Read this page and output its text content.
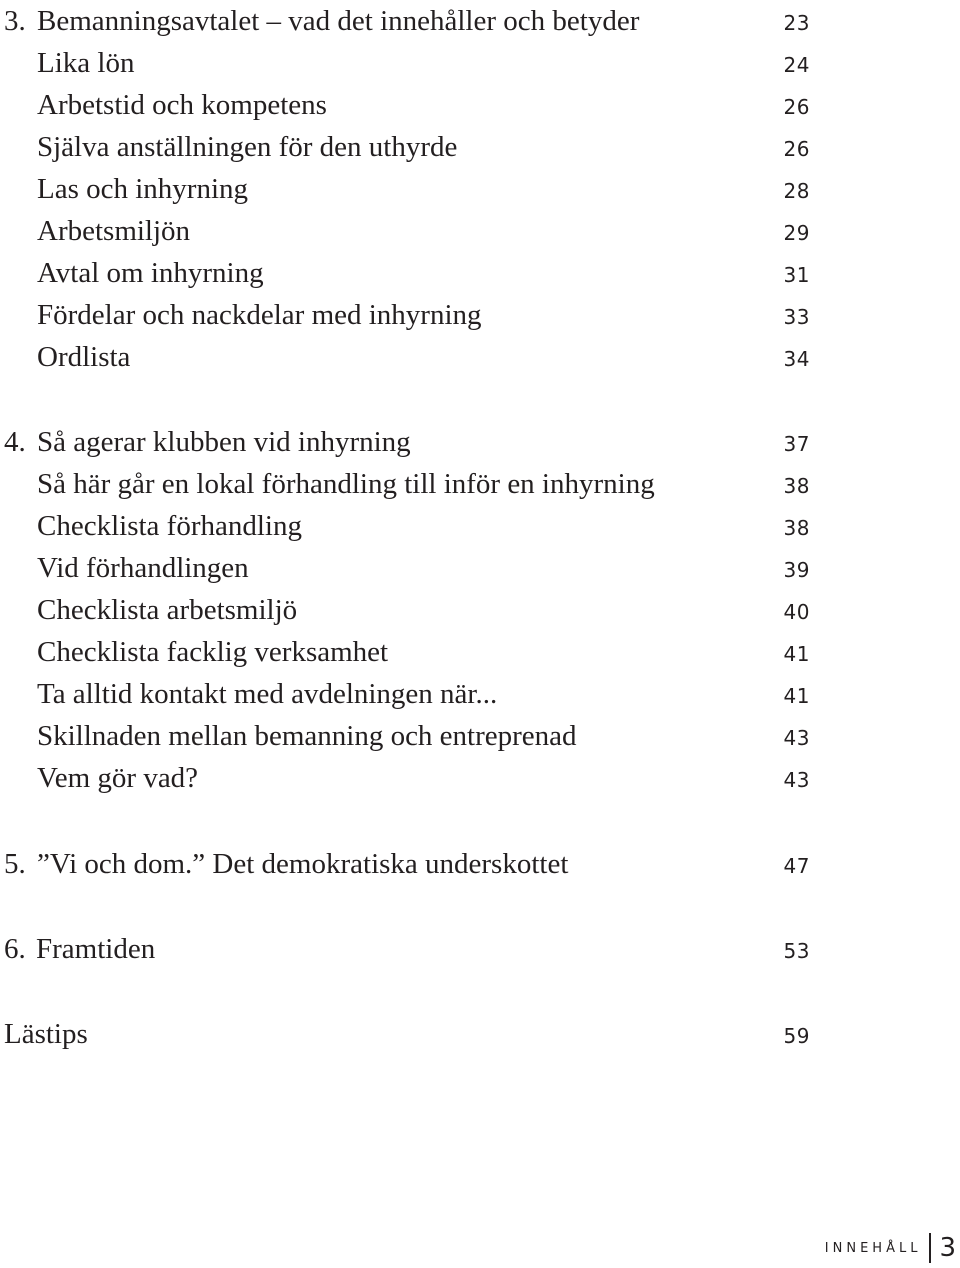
3. Bemanningsavtalet – vad det innehåller och betyder	23
Lika lön	24
Arbetstid och kompetens	26
Själva anställningen för den uthyrde	26
Las och inhyrning	28
Arbetsmiljön	29
Avtal om inhyrning	31
Fördelar och nackdelar med inhyrning	33
Ordlista	34
4. Så agerar klubben vid inhyrning	37
Så här går en lokal förhandling till inför en inhyrning	38
Checklista förhandling	38
Vid förhandlingen	39
Checklista arbetsmiljö	40
Checklista facklig verksamhet	41
Ta alltid kontakt med avdelningen när...	41
Skillnaden mellan bemanning och entreprenad	43
Vem gör vad?	43
5. ”Vi och dom.” Det demokratiska underskottet	47
6. Framtiden	53
Lästips	59
INNEHÅLL 3
